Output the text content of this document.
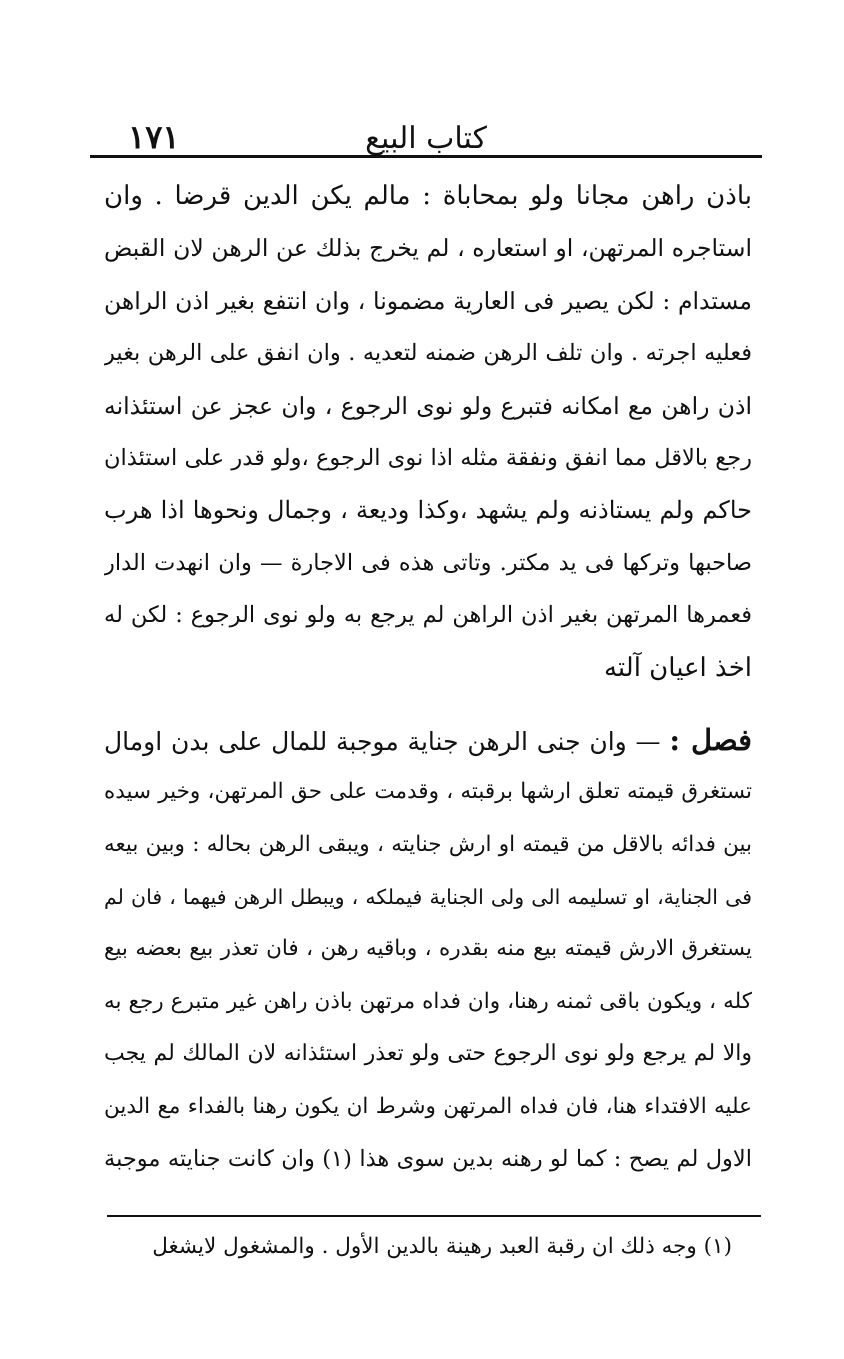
١٧١	كتاب البيع
باذن راهن مجانا ولو بمحاباة : مالم يكن الدين قرضا . وان
استاجره المرتهن، او استعاره ، لم يخرج بذلك عن الرهن لان القبض
مستدام : لكن يصير فى العارية مضمونا ، وان انتفع بغير اذن الراهن
فعليه اجرته . وان تلف الرهن ضمنه لتعديه . وان انفق على الرهن بغير
اذن راهن مع امكانه فتبرع ولو نوى الرجوع ، وان عجز عن استئذانه
رجع بالاقل مما انفق ونفقة مثله اذا نوى الرجوع ،ولو قدر على استئذان
حاكم ولم يستاذنه ولم يشهد ،وكذا وديعة ، وجمال ونحوها اذا هرب
صاحبها وتركها فى يد مكتر. وتاتى هذه فى الاجارة — وان انهدت الدار
فعمرها المرتهن بغير اذن الراهن لم يرجع به ولو نوى الرجوع : لكن له
اخذ اعيان آلته
فصل : — وان جنى الرهن جناية موجبة للمال على بدن اومال
تستغرق قيمته تعلق ارشها برقبته ، وقدمت على حق المرتهن، وخير سيده
بين فدائه بالاقل من قيمته او ارش جنايته ، ويبقى الرهن بحاله : وبين بيعه
فى الجناية، او تسليمه الى ولى الجناية فيملكه ، ويبطل الرهن فيهما ، فان لم
يستغرق الارش قيمته بيع منه بقدره ، وباقيه رهن ، فان تعذر بيع بعضه بيع
كله ، ويكون باقى ثمنه رهنا، وان فداه مرتهن باذن راهن غير متبرع رجع به
والا لم يرجع ولو نوى الرجوع حتى ولو تعذر استئذانه لان المالك لم يجب
عليه الافتداء هنا، فان فداه المرتهن وشرط ان يكون رهنا بالفداء مع الدين
الاول لم يصح : كما لو رهنه بدين سوى هذا (١) وان كانت جنايته موجبة
(١) وجه ذلك ان رقبة العبد رهينة بالدين الأول . والمشغول لايشغل
